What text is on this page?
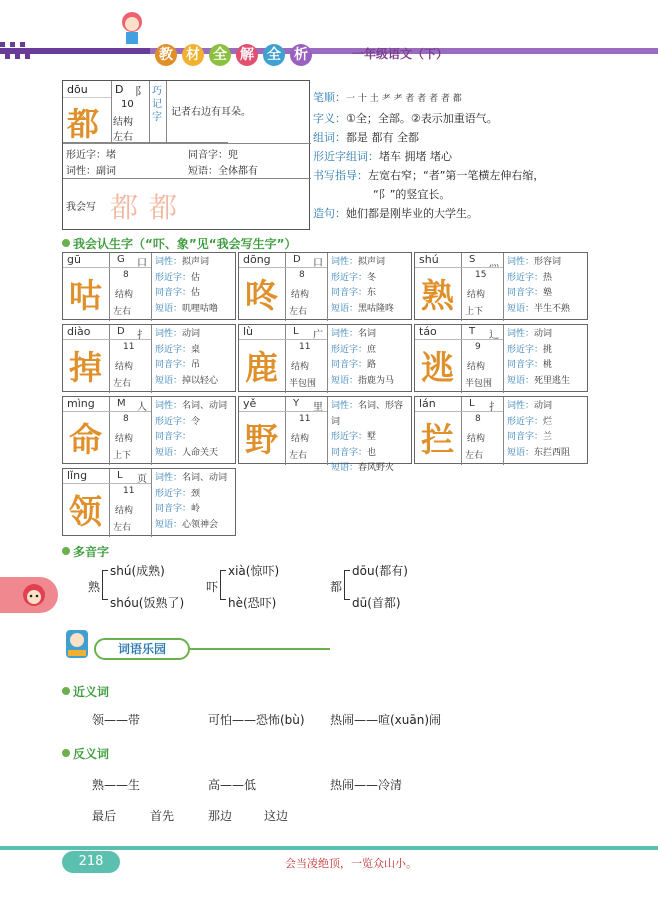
教 材 全 解 全 析	一年级语文（下）
dōu
都
D 阝
10
结构
左右
巧记字 记者右边有耳朵。
形近字：堵	同音字：兜
词性：副词	短语：全体都有
我会写 都 都
笔顺：一 十 土 耂 耂 者 者 者 者 都
字义：①全；全部。②表示加重语气。
组词：都是 都有 全都
形近字组词：堵车 拥堵 堵心
书写指导：左宽右窄；“者”第一笔横左伸右缩，
“阝”的竖宜长。
造句：她们都是刚毕业的大学生。
我会认生字（“吓、象”见“我会写生字”）
gū	G 口
咕
8
结构
左右
词性：拟声词
形近字：估
同音字：估
短语：叽哩咕噜
dōng D 口
咚
8
结构
左右
词性：拟声词
形近字：冬
同音字：东
短语：黑咕隆咚
shú	S 灬
熟
15
结构
上下
词性：形容词
形近字：热
同音字：塾
短语：半生不熟
diào	D 扌
掉
11
结构
左右
词性：动词
形近字：桌
同音字：吊
短语：掉以轻心
lù	L 广
鹿
11
结构
半包围
词性：名词
形近字：庶
同音字：路
短语：指鹿为马
táo	T 辶
逃
9
结构
半包围
词性：动词
形近字：挑
同音字：桃
短语：死里逃生
mìng M 人
命
8
结构
上下
词性：名词、动词
形近字：令
同音字：
短语：人命关天
yě	Y 里
野
11
结构
左右
词性：名词、形容词
形近字：墅
同音字：也
短语：春风野火
lán	L 扌
拦
8
结构
左右
词性：动词
形近字：烂
同音字：兰
短语：东拦西阻
lǐng	L 页
领
11
结构
左右
词性：名词、动词
形近字：颈
同音字：岭
短语：心领神会
多音字
熟
shú(成熟)
shóu(饭熟了)
吓
xià(惊吓)
hè(恐吓)
都
dōu(都有)
dū(首都)
词语乐园
近义词
领——带	可怕——恐怖(bù) 热闹——喧(xuān)闹
反义词
熟——生	高——低	热闹——冷清
最后	首先	那边	这边
218	会当凌绝顶，一览众山小。
